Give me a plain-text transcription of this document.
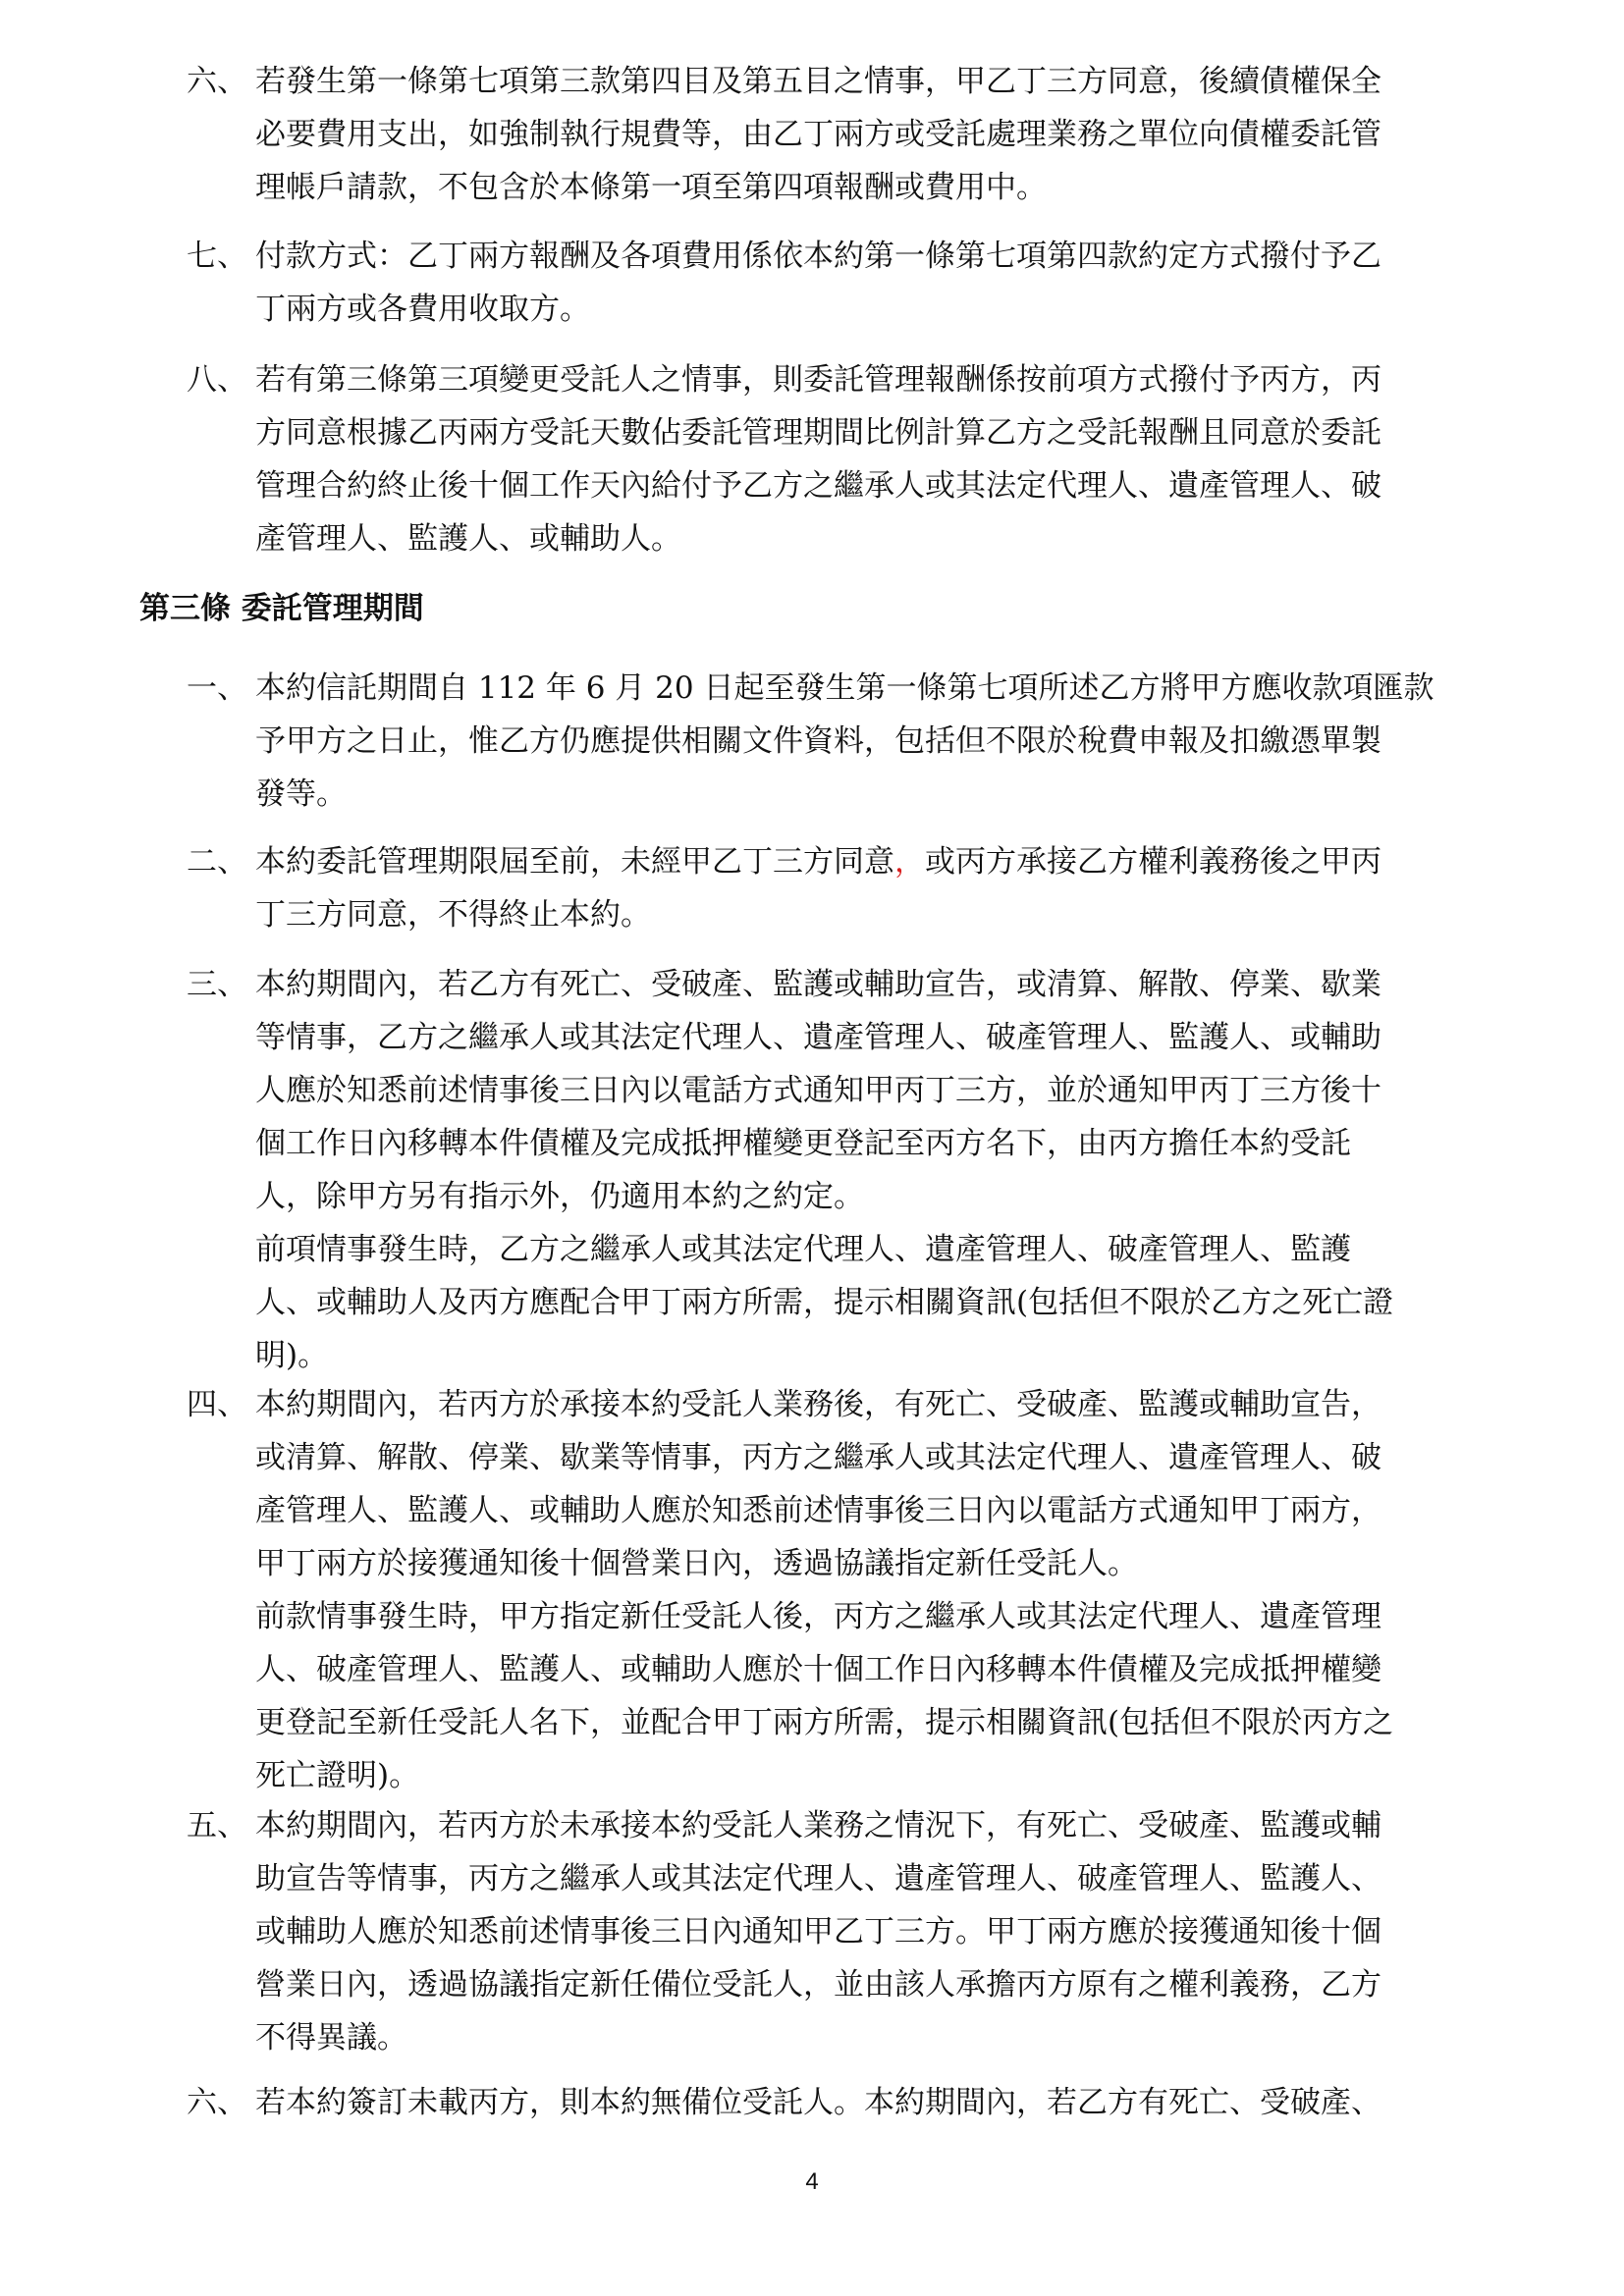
六、 若發生第一條第七項第三款第四目及第五目之情事，甲乙丁三方同意，後續債權保全
必要費用支出，如強制執行規費等，由乙丁兩方或受託處理業務之單位向債權委託管
理帳戶請款，不包含於本條第一項至第四項報酬或費用中。
七、 付款方式：乙丁兩方報酬及各項費用係依本約第一條第七項第四款約定方式撥付予乙
丁兩方或各費用收取方。
八、 若有第三條第三項變更受託人之情事，則委託管理報酬係按前項方式撥付予丙方，丙
方同意根據乙丙兩方受託天數佔委託管理期間比例計算乙方之受託報酬且同意於委託
管理合約終止後十個工作天內給付予乙方之繼承人或其法定代理人、遺產管理人、破
產管理人、監護人、或輔助人。
第三條 委託管理期間
一、 本約信託期間自 112 年 6 月 20 日起至發生第一條第七項所述乙方將甲方應收款項匯款
予甲方之日止，惟乙方仍應提供相關文件資料，包括但不限於稅費申報及扣繳憑單製
發等。
二、 本約委託管理期限屆至前，未經甲乙丁三方同意，或丙方承接乙方權利義務後之甲丙
丁三方同意，不得終止本約。
三、 本約期間內，若乙方有死亡、受破產、監護或輔助宣告，或清算、解散、停業、歇業
等情事，乙方之繼承人或其法定代理人、遺產管理人、破產管理人、監護人、或輔助
人應於知悉前述情事後三日內以電話方式通知甲丙丁三方，並於通知甲丙丁三方後十
個工作日內移轉本件債權及完成抵押權變更登記至丙方名下，由丙方擔任本約受託
人，除甲方另有指示外，仍適用本約之約定。
前項情事發生時，乙方之繼承人或其法定代理人、遺產管理人、破產管理人、監護
人、或輔助人及丙方應配合甲丁兩方所需，提示相關資訊(包括但不限於乙方之死亡證
明)。
四、 本約期間內，若丙方於承接本約受託人業務後，有死亡、受破產、監護或輔助宣告，
或清算、解散、停業、歇業等情事，丙方之繼承人或其法定代理人、遺產管理人、破
產管理人、監護人、或輔助人應於知悉前述情事後三日內以電話方式通知甲丁兩方，
甲丁兩方於接獲通知後十個營業日內，透過協議指定新任受託人。
前款情事發生時，甲方指定新任受託人後，丙方之繼承人或其法定代理人、遺產管理
人、破產管理人、監護人、或輔助人應於十個工作日內移轉本件債權及完成抵押權變
更登記至新任受託人名下，並配合甲丁兩方所需，提示相關資訊(包括但不限於丙方之
死亡證明)。
五、 本約期間內，若丙方於未承接本約受託人業務之情況下，有死亡、受破產、監護或輔
助宣告等情事，丙方之繼承人或其法定代理人、遺產管理人、破產管理人、監護人、
或輔助人應於知悉前述情事後三日內通知甲乙丁三方。甲丁兩方應於接獲通知後十個
營業日內，透過協議指定新任備位受託人，並由該人承擔丙方原有之權利義務，乙方
不得異議。
六、 若本約簽訂未載丙方，則本約無備位受託人。本約期間內，若乙方有死亡、受破產、
4
